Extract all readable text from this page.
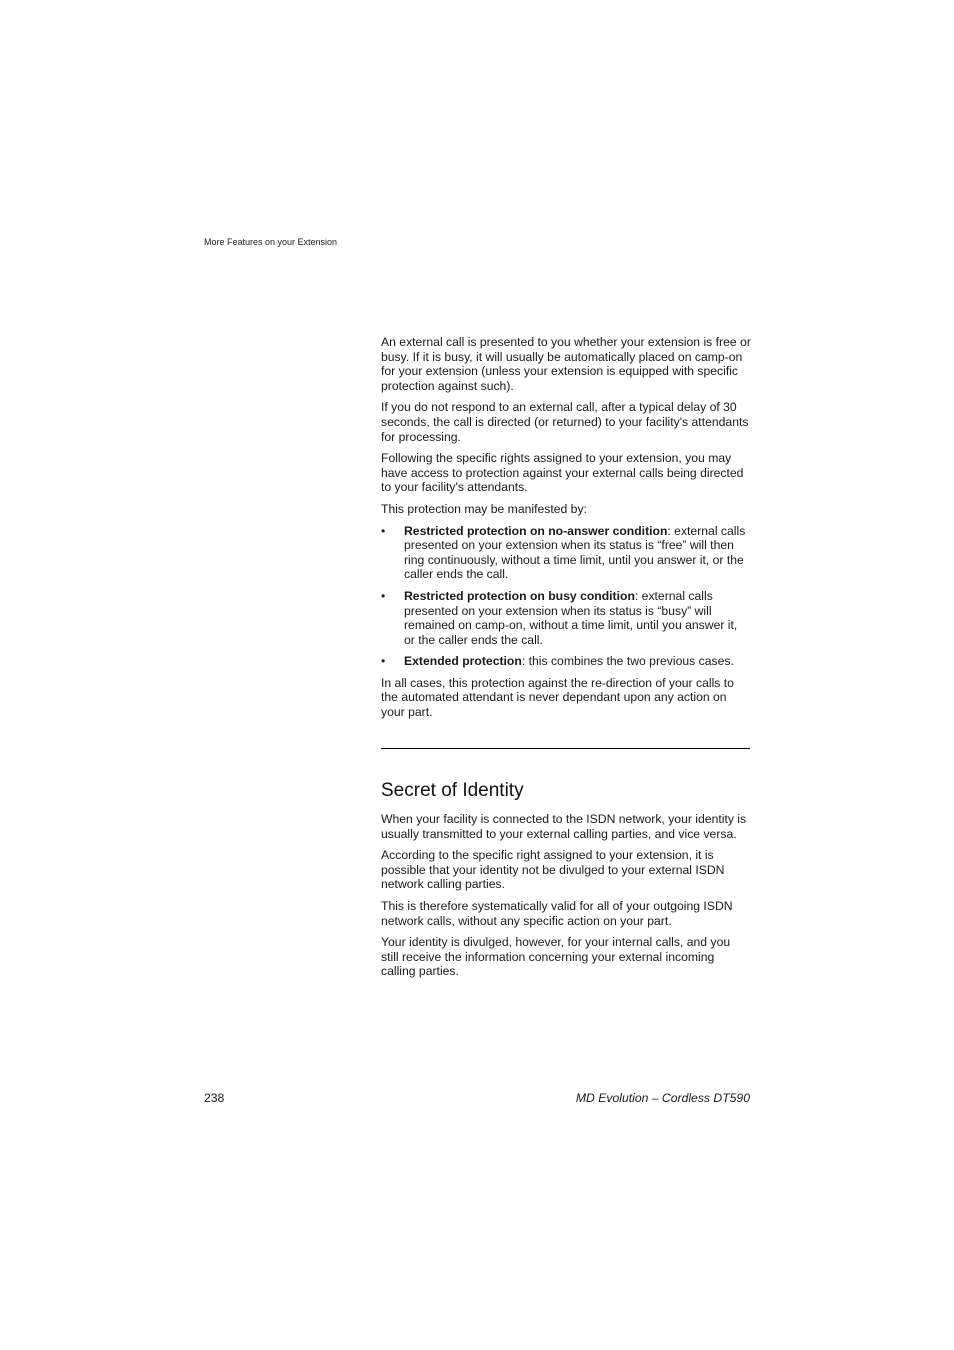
More Features on your Extension

An external call is presented to you whether your extension is free or busy. If it is busy, it will usually be automatically placed on camp-on for your extension (unless your extension is equipped with specific protection against such).

If you do not respond to an external call, after a typical delay of 30 seconds, the call is directed (or returned) to your facility's attendants for processing.

Following the specific rights assigned to your extension, you may have access to protection against your external calls being directed to your facility's attendants.

This protection may be manifested by:

• Restricted protection on no-answer condition: external calls presented on your extension when its status is “free” will then ring continuously, without a time limit, until you answer it, or the caller ends the call.
• Restricted protection on busy condition: external calls presented on your extension when its status is “busy” will remained on camp-on, without a time limit, until you answer it, or the caller ends the call.
• Extended protection: this combines the two previous cases.

In all cases, this protection against the re-direction of your calls to the automated attendant is never dependant upon any action on your part.

Secret of Identity

When your facility is connected to the ISDN network, your identity is usually transmitted to your external calling parties, and vice versa.

According to the specific right assigned to your extension, it is possible that your identity not be divulged to your external ISDN network calling parties.

This is therefore systematically valid for all of your outgoing ISDN network calls, without any specific action on your part.

Your identity is divulged, however, for your internal calls, and you still receive the information concerning your external incoming calling parties.

238	MD Evolution – Cordless DT590
